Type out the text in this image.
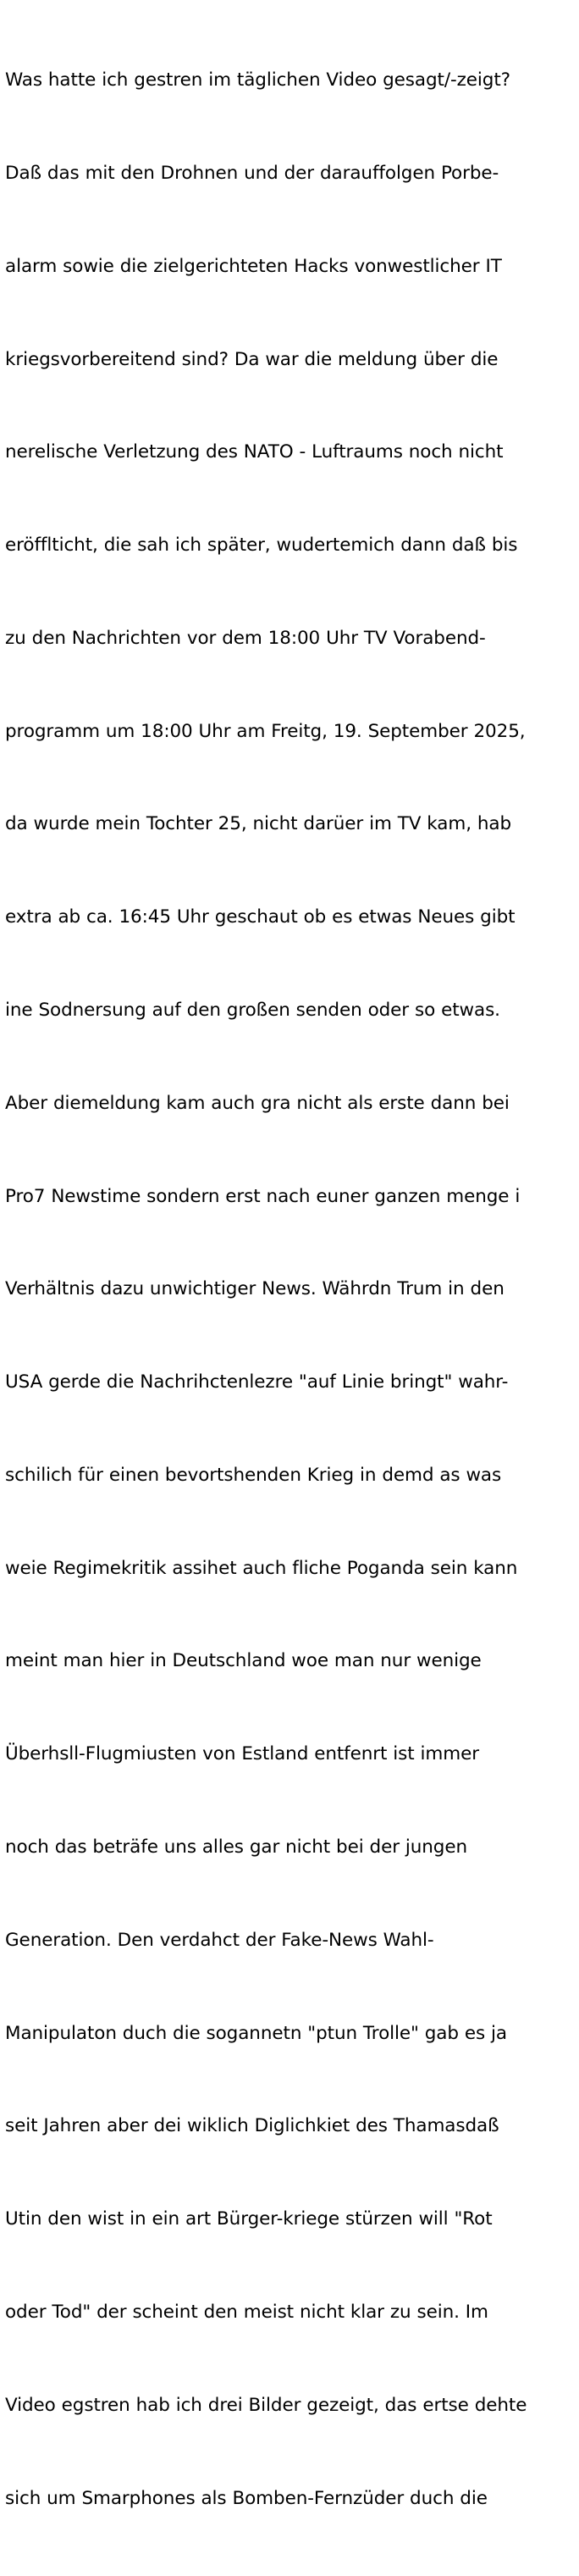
Was hatte ich gestren im täglichen Video gesagt/-zeigt?

Daß das mit den Drohnen und der darauffolgen Porbe-

alarm sowie die zielgerichteten Hacks vonwestlicher IT

kriegsvorbereitend sind? Da war die meldung über die

nerelische Verletzung des NATO - Luftraums noch nicht

eröfflticht, die sah ich später, wudertemich dann daß bis

zu den Nachrichten vor dem 18:00 Uhr TV Vorabend-

programm um 18:00 Uhr am Freitg, 19. September 2025,

da wurde mein Tochter 25, nicht darüer im TV kam, hab

extra ab ca. 16:45 Uhr geschaut ob es etwas Neues gibt

ine Sodnersung auf den großen senden oder so etwas.

Aber diemeldung kam auch gra nicht als erste dann bei

Pro7 Newstime sondern erst nach euner ganzen menge i

Verhältnis dazu unwichtiger News. Währdn Trum in den

USA gerde die Nachrihctenlezre "auf Linie bringt" wahr-

schilich für einen bevortshenden Krieg in demd as was

weie Regimekritik assihet auch fliche Poganda sein kann

meint man hier in Deutschland woe man nur wenige

Überhsll-Flugmiusten von Estland entfenrt ist immer

noch das beträfe uns alles gar nicht bei der jungen

Generation. Den verdahct der Fake-News Wahl-

Manipulaton duch die sogannetn "ptun Trolle" gab es ja

seit Jahren aber dei wiklich Diglichkiet des Thamasdaß

Utin den wist in ein art Bürger-kriege stürzen will "Rot

oder Tod" der scheint den meist nicht klar zu sein. Im

Video egstren hab ich drei Bilder gezeigt, das ertse dehte

sich um Smarphones als Bomben-Fernzüder duch die
